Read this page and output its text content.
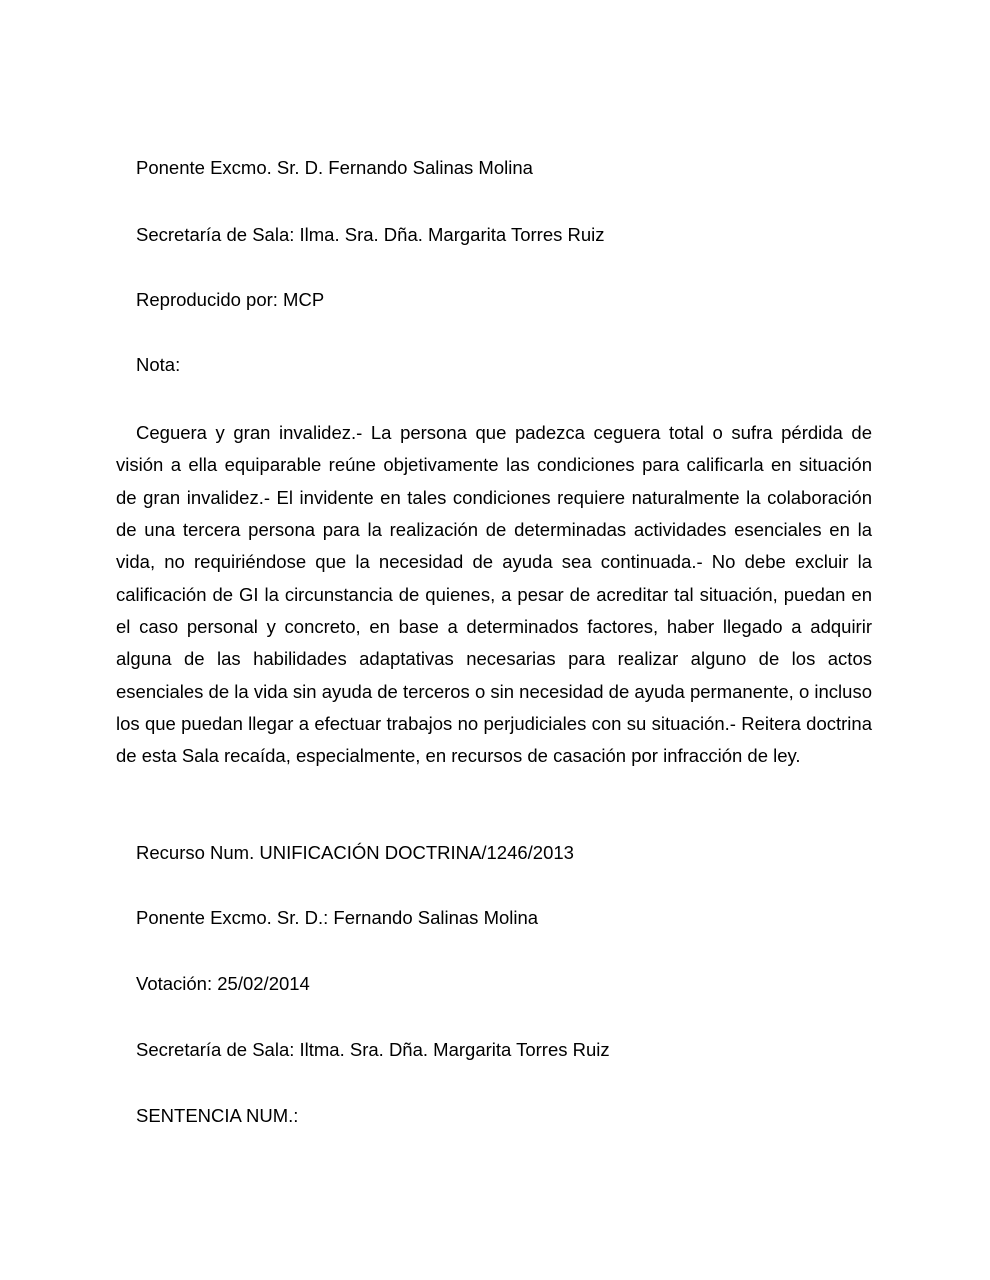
Ponente Excmo. Sr. D. Fernando Salinas Molina
Secretaría de Sala: Ilma. Sra. Dña. Margarita Torres Ruiz
Reproducido por: MCP
Nota:

Ceguera y gran invalidez.- La persona que padezca ceguera total o sufra pérdida de visión a ella equiparable reúne objetivamente las condiciones para calificarla en situación de gran invalidez.- El invidente en tales condiciones requiere naturalmente la colaboración de una tercera persona para la realización de determinadas actividades esenciales en la vida, no requiriéndose que la necesidad de ayuda sea continuada.- No debe excluir la calificación de GI la circunstancia de quienes, a pesar de acreditar tal situación, puedan en el caso personal y concreto, en base a determinados factores, haber llegado a adquirir alguna de las habilidades adaptativas necesarias para realizar alguno de los actos esenciales de la vida sin ayuda de terceros o sin necesidad de ayuda permanente, o incluso los que puedan llegar a efectuar trabajos no perjudiciales con su situación.- Reitera doctrina de esta Sala recaída, especialmente, en recursos de casación por infracción de ley.

Recurso Num. UNIFICACIÓN DOCTRINA/1246/2013
Ponente Excmo. Sr. D.: Fernando Salinas Molina
Votación: 25/02/2014
Secretaría de Sala: Iltma. Sra. Dña. Margarita Torres Ruiz
SENTENCIA NUM.:
